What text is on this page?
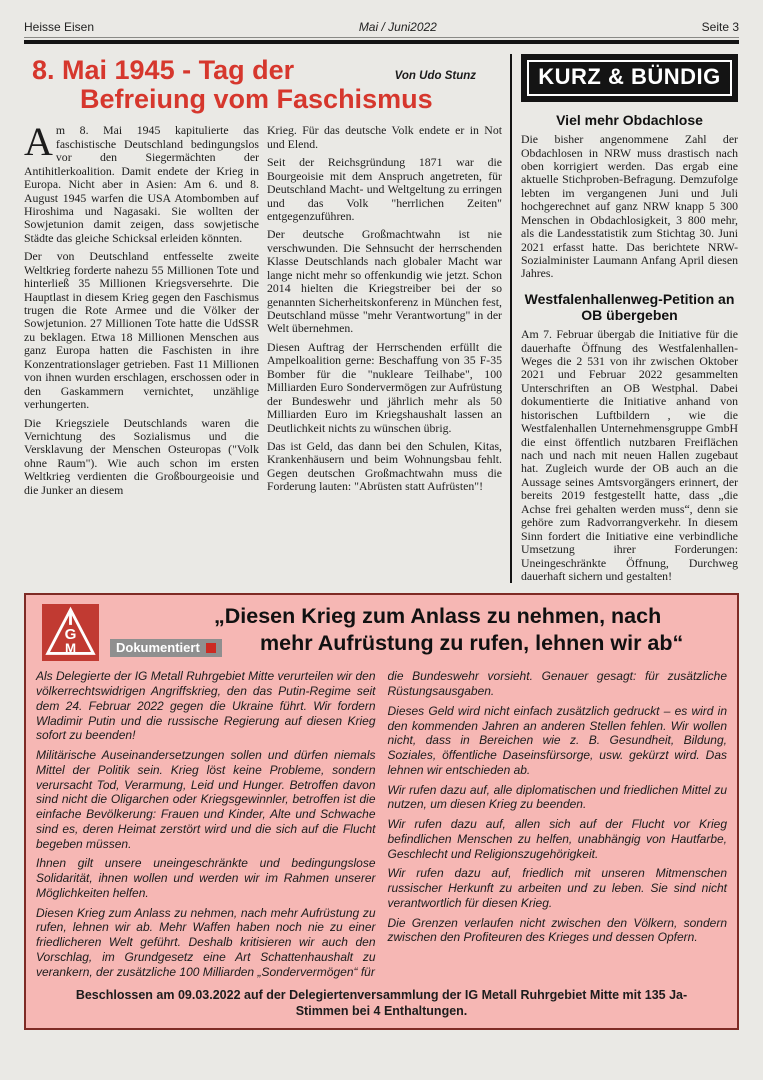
Heisse Eisen	Mai / Juni2022	Seite 3
8. Mai 1945 - Tag der
Befreiung vom Faschismus
Von Udo Stunz

Am 8. Mai 1945 kapitulierte das faschistische Deutschland bedingungslos vor den Siegermächten der Antihitlerkoalition. Damit endete der Krieg in Europa. Nicht aber in Asien: Am 6. und 8. August 1945 warfen die USA Atombomben auf Hiroshima und Nagasaki. Sie wollten der Sowjetunion damit zeigen, dass sowjetische Städte das gleiche Schicksal erleiden könnten.

Der von Deutschland entfesselte zweite Weltkrieg forderte nahezu 55 Millionen Tote und hinterließ 35 Millionen Kriegsversehrte. Die Hauptlast in diesem Krieg gegen den Faschismus trugen die Rote Armee und die Völker der Sowjetunion. 27 Millionen Tote hatte die UdSSR zu beklagen. Etwa 18 Millionen Menschen aus ganz Europa hatten die Faschisten in ihre Konzentrationslager getrieben. Fast 11 Millionen von ihnen wurden erschlagen, erschossen oder in den Gaskammern vernichtet, unzählige verhungerten.

Die Kriegsziele Deutschlands waren die Vernichtung des Sozialismus und die Versklavung der Menschen Osteuropas ("Volk ohne Raum"). Wie auch schon im ersten Weltkrieg verdienten die Großbourgeoisie und die Junker an diesem

Krieg. Für das deutsche Volk endete er in Not und Elend.

Seit der Reichsgründung 1871 war die Bourgeoisie mit dem Anspruch angetreten, für Deutschland Macht- und Weltgeltung zu erringen und das Volk "herrlichen Zeiten" entgegenzuführen.

Der deutsche Großmachtwahn ist nie verschwunden. Die Sehnsucht der herrschenden Klasse Deutschlands nach globaler Macht war lange nicht mehr so offenkundig wie jetzt. Schon 2014 hielten die Kriegstreiber bei der so genannten Sicherheitskonferenz in München fest, Deutschland müsse "mehr Verantwortung" in der Welt übernehmen.

Diesen Auftrag der Herrschenden erfüllt die Ampelkoalition gerne: Beschaffung von 35 F-35 Bomber für die "nukleare Teilhabe", 100 Milliarden Euro Sondervermögen zur Aufrüstung der Bundeswehr und jährlich mehr als 50 Milliarden Euro im Kriegshaushalt lassen an Deutlichkeit nichts zu wünschen übrig.

Das ist Geld, das dann bei den Schulen, Kitas, Krankenhäusern und beim Wohnungsbau fehlt. Gegen deutschen Großmachtwahn muss die Forderung lauten: "Abrüsten statt Aufrüsten"!

KURZ & BÜNDIG
Viel mehr Obdachlose

Die bisher angenommene Zahl der Obdachlosen in NRW muss drastisch nach oben korrigiert werden. Das ergab eine aktuelle Stichproben-Befragung. Demzufolge lebten im vergangenen Juni und Juli hochgerechnet auf ganz NRW knapp 5 300 Menschen in Obdachlosigkeit, 3 800 mehr, als die Landesstatistik zum Stichtag 30. Juni 2021 erfasst hatte. Das berichtete NRW-Sozialminister Laumann Anfang April diesen Jahres.

Westfalenhallenweg-Petition an OB übergeben

Am 7. Februar übergab die Initiative für die dauerhafte Öffnung des Westfalenhallen-Weges die 2 531 von ihr zwischen Oktober 2021 und Februar 2022 gesammelten Unterschriften an OB Westphal. Dabei dokumentierte die Initiative anhand von historischen Luftbildern , wie die Westfalenhallen Unternehmensgruppe GmbH die einst öffentlich nutzbaren Freiflächen nach und nach mit neuen Hallen zugebaut hat. Zugleich wurde der OB auch an die Aussage seines Amtsvorgängers erinnert, der bereits 2019 festgestellt hatte, dass „die Achse frei gehalten werden muss“, denn sie gehöre zum Radvorrangverkehr. In diesem Sinn fordert die Initiative eine verbindliche Umsetzung ihrer Forderungen: Uneingeschränkte Öffnung, Durchweg dauerhaft sichern und gestalten!

G
M	Dokumentiert
„Diesen Krieg zum Anlass zu nehmen, nach
mehr Aufrüstung zu rufen, lehnen wir ab“

Als Delegierte der IG Metall Ruhrgebiet Mitte verurteilen wir den völkerrechtswidrigen Angriffskrieg, den das Putin-Regime seit dem 24. Februar 2022 gegen die Ukraine führt. Wir fordern Wladimir Putin und die russische Regierung auf diesen Krieg sofort zu beenden!

Militärische Auseinandersetzungen sollen und dürfen niemals Mittel der Politik sein. Krieg löst keine Probleme, sondern verursacht Tod, Verarmung, Leid und Hunger. Betroffen davon sind nicht die Oligarchen oder Kriegsgewinnler, betroffen ist die einfache Bevölkerung: Frauen und Kinder, Alte und Schwache sind es, deren Heimat zerstört wird und die sich auf die Flucht begeben müssen.

Ihnen gilt unsere uneingeschränkte und bedingungslose Solidarität, ihnen wollen und werden wir im Rahmen unserer Möglichkeiten helfen.

Diesen Krieg zum Anlass zu nehmen, nach mehr Aufrüstung zu rufen, lehnen wir ab. Mehr Waffen haben noch nie zu einer friedlicheren Welt geführt. Deshalb kritisieren wir auch den Vorschlag, im Grundgesetz eine Art Schattenhaushalt zu verankern, der zusätzliche 100 Milliarden „Sondervermögen“ für

die Bundeswehr vorsieht. Genauer gesagt: für zusätzliche Rüstungsausgaben.

Dieses Geld wird nicht einfach zusätzlich gedruckt – es wird in den kommenden Jahren an anderen Stellen fehlen. Wir wollen nicht, dass in Bereichen wie z. B. Gesundheit, Bildung, Soziales, öffentliche Daseinsfürsorge, usw. gekürzt wird. Das lehnen wir entschieden ab.

Wir rufen dazu auf, alle diplomatischen und friedlichen Mittel zu nutzen, um diesen Krieg zu beenden.

Wir rufen dazu auf, allen sich auf der Flucht vor Krieg befindlichen Menschen zu helfen, unabhängig von Hautfarbe, Geschlecht und Religionszugehörigkeit.

Wir rufen dazu auf, friedlich mit unseren Mitmenschen russischer Herkunft zu arbeiten und zu leben. Sie sind nicht verantwortlich für diesen Krieg.

Die Grenzen verlaufen nicht zwischen den Völkern, sondern zwischen den Profiteuren des Krieges und dessen Opfern.

Beschlossen am 09.03.2022 auf der Delegiertenversammlung der IG Metall Ruhrgebiet Mitte mit 135 Ja-Stimmen bei 4 Enthaltungen.
